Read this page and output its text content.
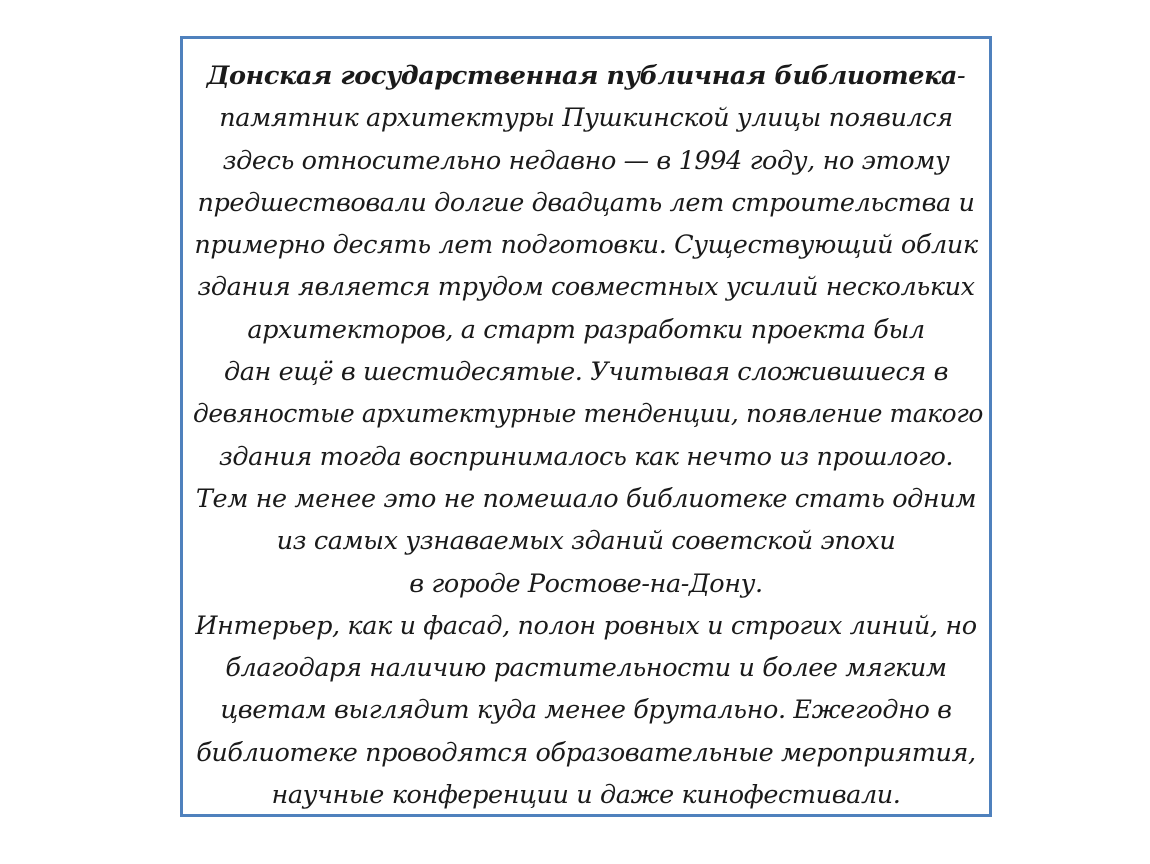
Донская государственная публичная библиотека-
памятник архитектуры Пушкинской улицы появился
здесь относительно недавно — в 1994 году, но этому
предшествовали долгие двадцать лет строительства и
примерно десять лет подготовки. Существующий облик
здания является трудом совместных усилий нескольких
архитекторов, а старт разработки проекта был
дан ещё в шестидесятые. Учитывая сложившиеся в
девяностые архитектурные тенденции, появление такого
здания тогда воспринималось как нечто из прошлого.
Тем не менее это не помешало библиотеке стать одним
из самых узнаваемых зданий советской эпохи
в городе Ростове-на-Дону.
Интерьер, как и фасад, полон ровных и строгих линий, но
благодаря наличию растительности и более мягким
цветам выглядит куда менее брутально. Ежегодно в
библиотеке проводятся образовательные мероприятия,
научные конференции и даже кинофестивали.
